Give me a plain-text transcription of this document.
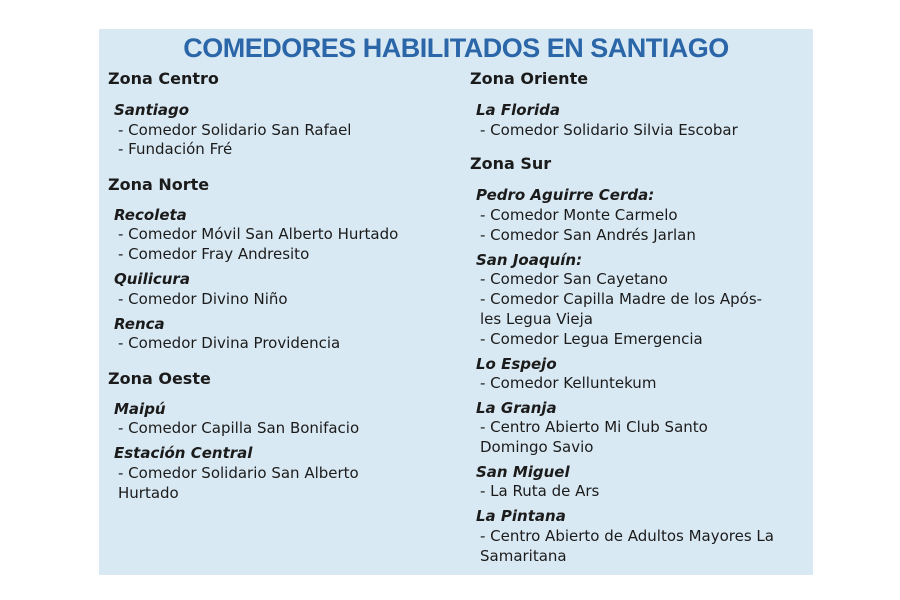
COMEDORES HABILITADOS EN SANTIAGO
Zona Centro
Santiago
- Comedor Solidario San Rafael
- Fundación Fré
Zona Norte
Recoleta
- Comedor Móvil San Alberto Hurtado
- Comedor Fray Andresito
Quilicura
- Comedor Divino Niño
Renca
- Comedor Divina Providencia
Zona Oeste
Maipú
- Comedor Capilla San Bonifacio
Estación Central
- Comedor Solidario San Alberto
Hurtado
Zona Oriente
La Florida
- Comedor Solidario Silvia Escobar
Zona Sur
Pedro Aguirre Cerda:
- Comedor Monte Carmelo
- Comedor San Andrés Jarlan
San Joaquín:
- Comedor San Cayetano
- Comedor Capilla Madre de los Após-
les Legua Vieja
- Comedor Legua Emergencia
Lo Espejo
- Comedor Kelluntekum
La Granja
- Centro Abierto Mi Club Santo
Domingo Savio
San Miguel
- La Ruta de Ars
La Pintana
- Centro Abierto de Adultos Mayores La
Samaritana
